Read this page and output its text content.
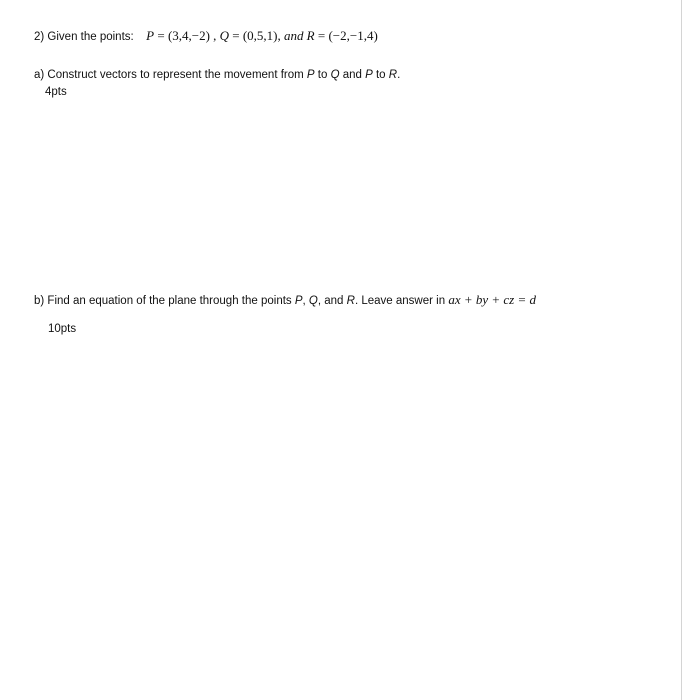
2) Given the points: P = (3,4,−2) , Q = (0,5,1), and R = (−2,−1,4)
a) Construct vectors to represent the movement from P to Q and P to R.
4pts
b) Find an equation of the plane through the points P, Q, and R. Leave answer in ax + by + cz = d
10pts
